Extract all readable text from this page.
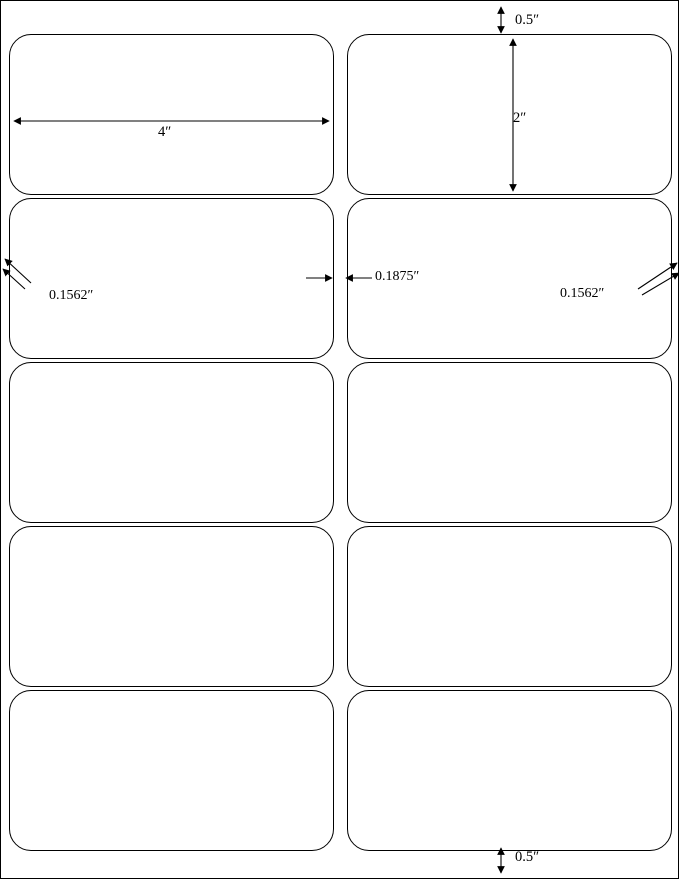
0.5″
4″
2″
0.1562″
0.1875″
0.1562″
0.5″
